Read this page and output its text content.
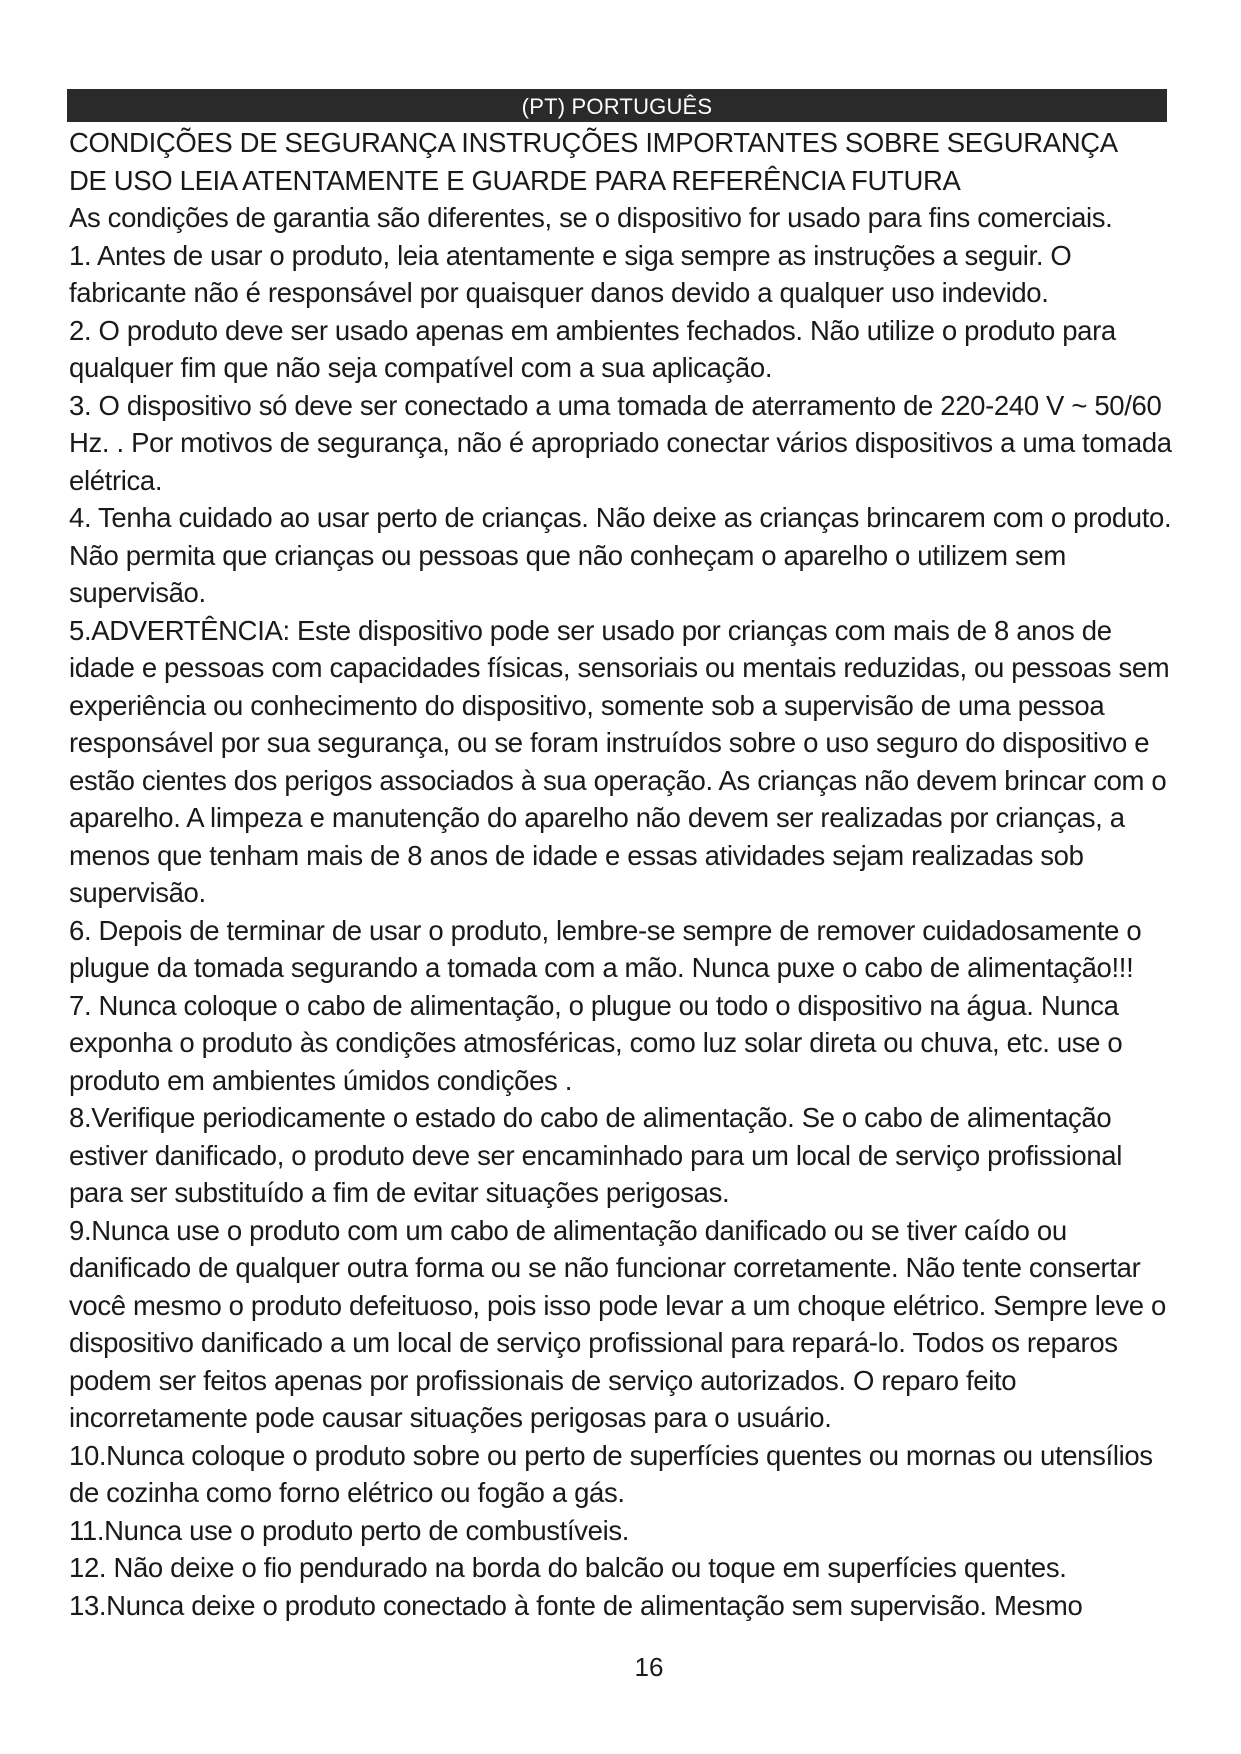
(PT) PORTUGUÊS

CONDIÇÕES DE SEGURANÇA INSTRUÇÕES IMPORTANTES SOBRE SEGURANÇA

DE USO LEIA ATENTAMENTE E GUARDE PARA REFERÊNCIA FUTURA

As condições de garantia são diferentes, se o dispositivo for usado para fins comerciais.

1. Antes de usar o produto, leia atentamente e siga sempre as instruções a seguir. O fabricante não é responsável por quaisquer danos devido a qualquer uso indevido.

2. O produto deve ser usado apenas em ambientes fechados. Não utilize o produto para qualquer fim que não seja compatível com a sua aplicação.

3. O dispositivo só deve ser conectado a uma tomada de aterramento de 220-240 V ~ 50/60 Hz. . Por motivos de segurança, não é apropriado conectar vários dispositivos a uma tomada elétrica.

4. Tenha cuidado ao usar perto de crianças. Não deixe as crianças brincarem com o produto. Não permita que crianças ou pessoas que não conheçam o aparelho o utilizem sem supervisão.

5.ADVERTÊNCIA: Este dispositivo pode ser usado por crianças com mais de 8 anos de idade e pessoas com capacidades físicas, sensoriais ou mentais reduzidas, ou pessoas sem experiência ou conhecimento do dispositivo, somente sob a supervisão de uma pessoa responsável por sua segurança, ou se foram instruídos sobre o uso seguro do dispositivo e estão cientes dos perigos associados à sua operação. As crianças não devem brincar com o aparelho. A limpeza e manutenção do aparelho não devem ser realizadas por crianças, a menos que tenham mais de 8 anos de idade e essas atividades sejam realizadas sob supervisão.

6. Depois de terminar de usar o produto, lembre-se sempre de remover cuidadosamente o plugue da tomada segurando a tomada com a mão. Nunca puxe o cabo de alimentação!!!

7. Nunca coloque o cabo de alimentação, o plugue ou todo o dispositivo na água. Nunca exponha o produto às condições atmosféricas, como luz solar direta ou chuva, etc. use o produto em ambientes úmidos condições .

8.Verifique periodicamente o estado do cabo de alimentação. Se o cabo de alimentação estiver danificado, o produto deve ser encaminhado para um local de serviço profissional para ser substituído a fim de evitar situações perigosas.

9.Nunca use o produto com um cabo de alimentação danificado ou se tiver caído ou danificado de qualquer outra forma ou se não funcionar corretamente. Não tente consertar você mesmo o produto defeituoso, pois isso pode levar a um choque elétrico. Sempre leve o dispositivo danificado a um local de serviço profissional para repará-lo. Todos os reparos podem ser feitos apenas por profissionais de serviço autorizados. O reparo feito incorretamente pode causar situações perigosas para o usuário.

10.Nunca coloque o produto sobre ou perto de superfícies quentes ou mornas ou utensílios de cozinha como forno elétrico ou fogão a gás.

11.Nunca use o produto perto de combustíveis.

12. Não deixe o fio pendurado na borda do balcão ou toque em superfícies quentes.

13.Nunca deixe o produto conectado à fonte de alimentação sem supervisão. Mesmo

16
